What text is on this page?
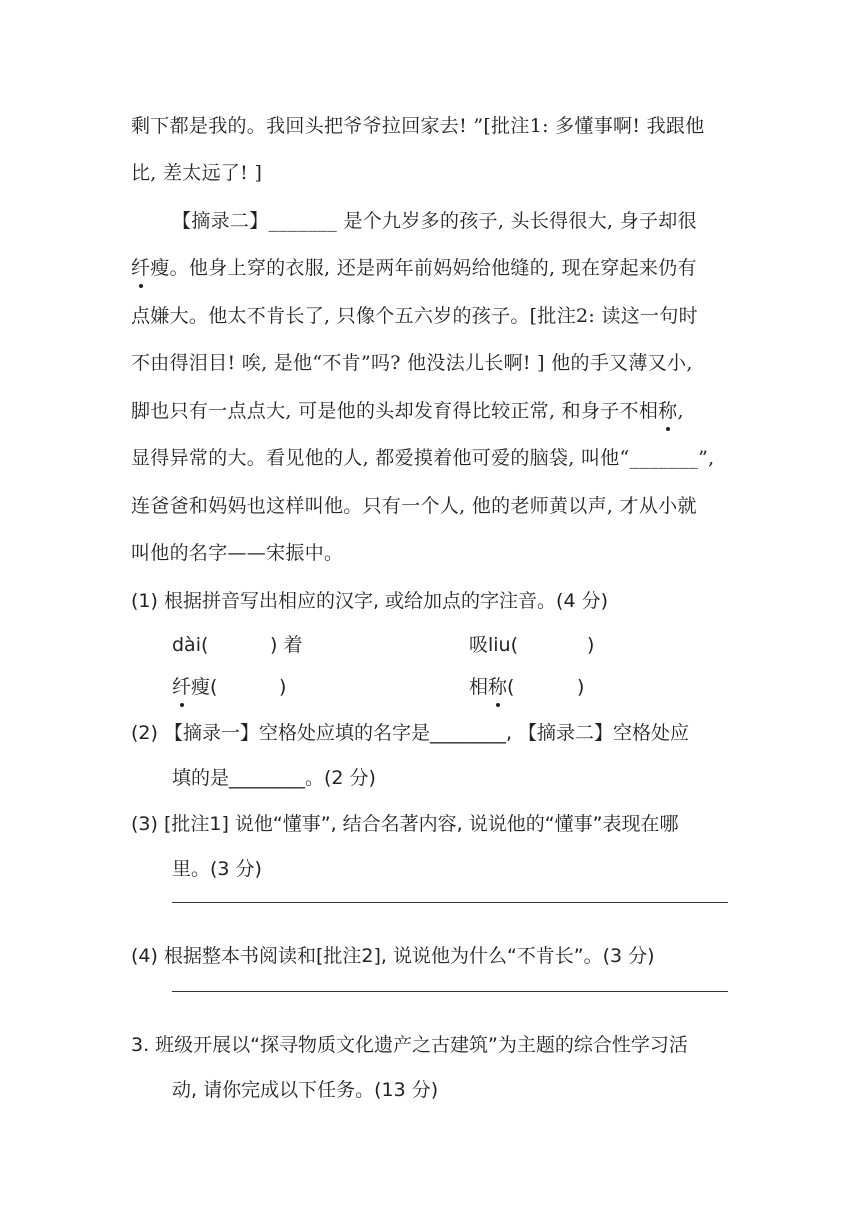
剩下都是我的。我回头把爷爷拉回家去! ”[批注1: 多懂事啊! 我跟他
比, 差太远了! ]
【摘录二】_______ 是个九岁多的孩子, 头长得很大, 身子却很
纤瘦。他身上穿的衣服, 还是两年前妈妈给他缝的, 现在穿起来仍有
点嫌大。他太不肯长了, 只像个五六岁的孩子。[批注2: 读这一句时
不由得泪目! 唉, 是他“不肯”吗? 他没法儿长啊! ] 他的手又薄又小,
脚也只有一点点大, 可是他的头却发育得比较正常, 和身子不相称,
显得异常的大。看见他的人, 都爱摸着他可爱的脑袋, 叫他“_______”,
连爸爸和妈妈也这样叫他。只有一个人, 他的老师黄以声, 才从小就
叫他的名字——宋振中。
(1) 根据拼音写出相应的汉字, 或给加点的字注音。(4 分)
dài(	) 着	吸liu(	)
纤瘦(	)	相称(	)
(2) 【摘录一】空格处应填的名字是________, 【摘录二】空格处应
填的是________。(2 分)
(3) [批注1] 说他“懂事”, 结合名著内容, 说说他的“懂事”表现在哪
里。(3 分)
(4) 根据整本书阅读和[批注2], 说说他为什么“不肯长”。(3 分)
3. 班级开展以“探寻物质文化遗产之古建筑”为主题的综合性学习活
动, 请你完成以下任务。(13 分)
